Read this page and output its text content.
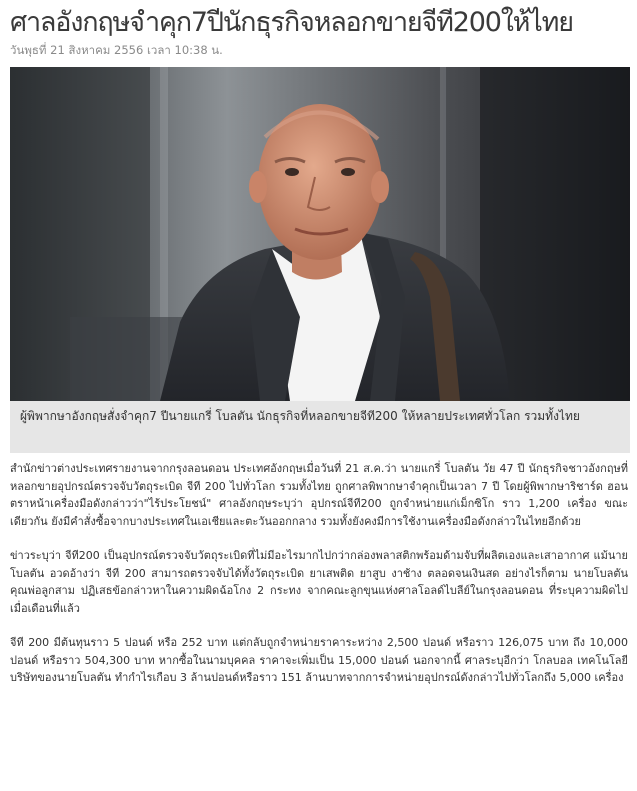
ศาลอังกฤษจำคุก7ปีนักธุรกิจหลอกขายจีที200ให้ไทย
วันพุธที่ 21 สิงหาคม 2556 เวลา 10:38 น.
ผู้พิพากษาอังกฤษสั่งจำคุก7 ปีนายแกรี่ โบลตัน นักธุรกิจที่หลอกขายจีที200 ให้หลายประเทศทั่วโลก รวมทั้งไทย

สำนักข่าวต่างประเทศรายงานจากกรุงลอนดอน ประเทศอังกฤษเมื่อวันที่ 21 ส.ค.ว่า นายแกรี่ โบลตัน วัย 47 ปี นักธุรกิจชาวอังกฤษที่หลอกขายอุปกรณ์ตรวจจับวัตถุระเบิด จีที 200 ไปทั่วโลก รวมทั้งไทย ถูกศาลพิพากษาจำคุกเป็นเวลา 7 ปี โดยผู้พิพากษาริชาร์ด ฮอน ตราหน้าเครื่องมือดังกล่าวว่า"ไร้ประโยชน์" ศาลอังกฤษระบุว่า อุปกรณ์จีที200 ถูกจำหน่ายแก่เม็กซิโก ราว 1,200 เครื่อง ขณะเดียวกัน ยังมีคำสั่งซื้อจากบางประเทศในเอเชียและตะวันออกกลาง รวมทั้งยังคงมีการใช้งานเครื่องมือดังกล่าวในไทยอีกด้วย

ข่าวระบุว่า จีที200 เป็นอุปกรณ์ตรวจจับวัตถุระเบิดที่ไม่มีอะไรมากไปกว่ากล่องพลาสติกพร้อมด้ามจับที่ผลิตเองและเสาอากาศ แม้นายโบลตัน อวดอ้างว่า จีที 200 สามารถตรวจจับได้ทั้งวัตถุระเบิด ยาเสพติด ยาสูบ งาช้าง ตลอดจนเงินสด อย่างไรก็ตาม นายโบลตัน คุณพ่อลูกสาม ปฏิเสธข้อกล่าวหาในความผิดฉ้อโกง 2 กระทง จากคณะลูกขุนแห่งศาลโอลด์ไบลีย์ในกรุงลอนดอน ที่ระบุความผิดไปเมื่อเดือนที่แล้ว

จีที 200 มีต้นทุนราว 5 ปอนด์ หรือ 252 บาท แต่กลับถูกจำหน่ายราคาระหว่าง 2,500 ปอนด์ หรือราว 126,075 บาท ถึง 10,000 ปอนด์ หรือราว 504,300 บาท หากซื้อในนามบุคคล ราคาจะเพิ่มเป็น 15,000 ปอนด์ นอกจากนี้ ศาลระบุอีกว่า โกลบอล เทคโนโลยี บริษัทของนายโบลตัน ทำกำไรเกือบ 3 ล้านปอนด์หรือราว 151 ล้านบาทจากการจำหน่ายอุปกรณ์ดังกล่าวไปทั่วโลกถึง 5,000 เครื่อง
